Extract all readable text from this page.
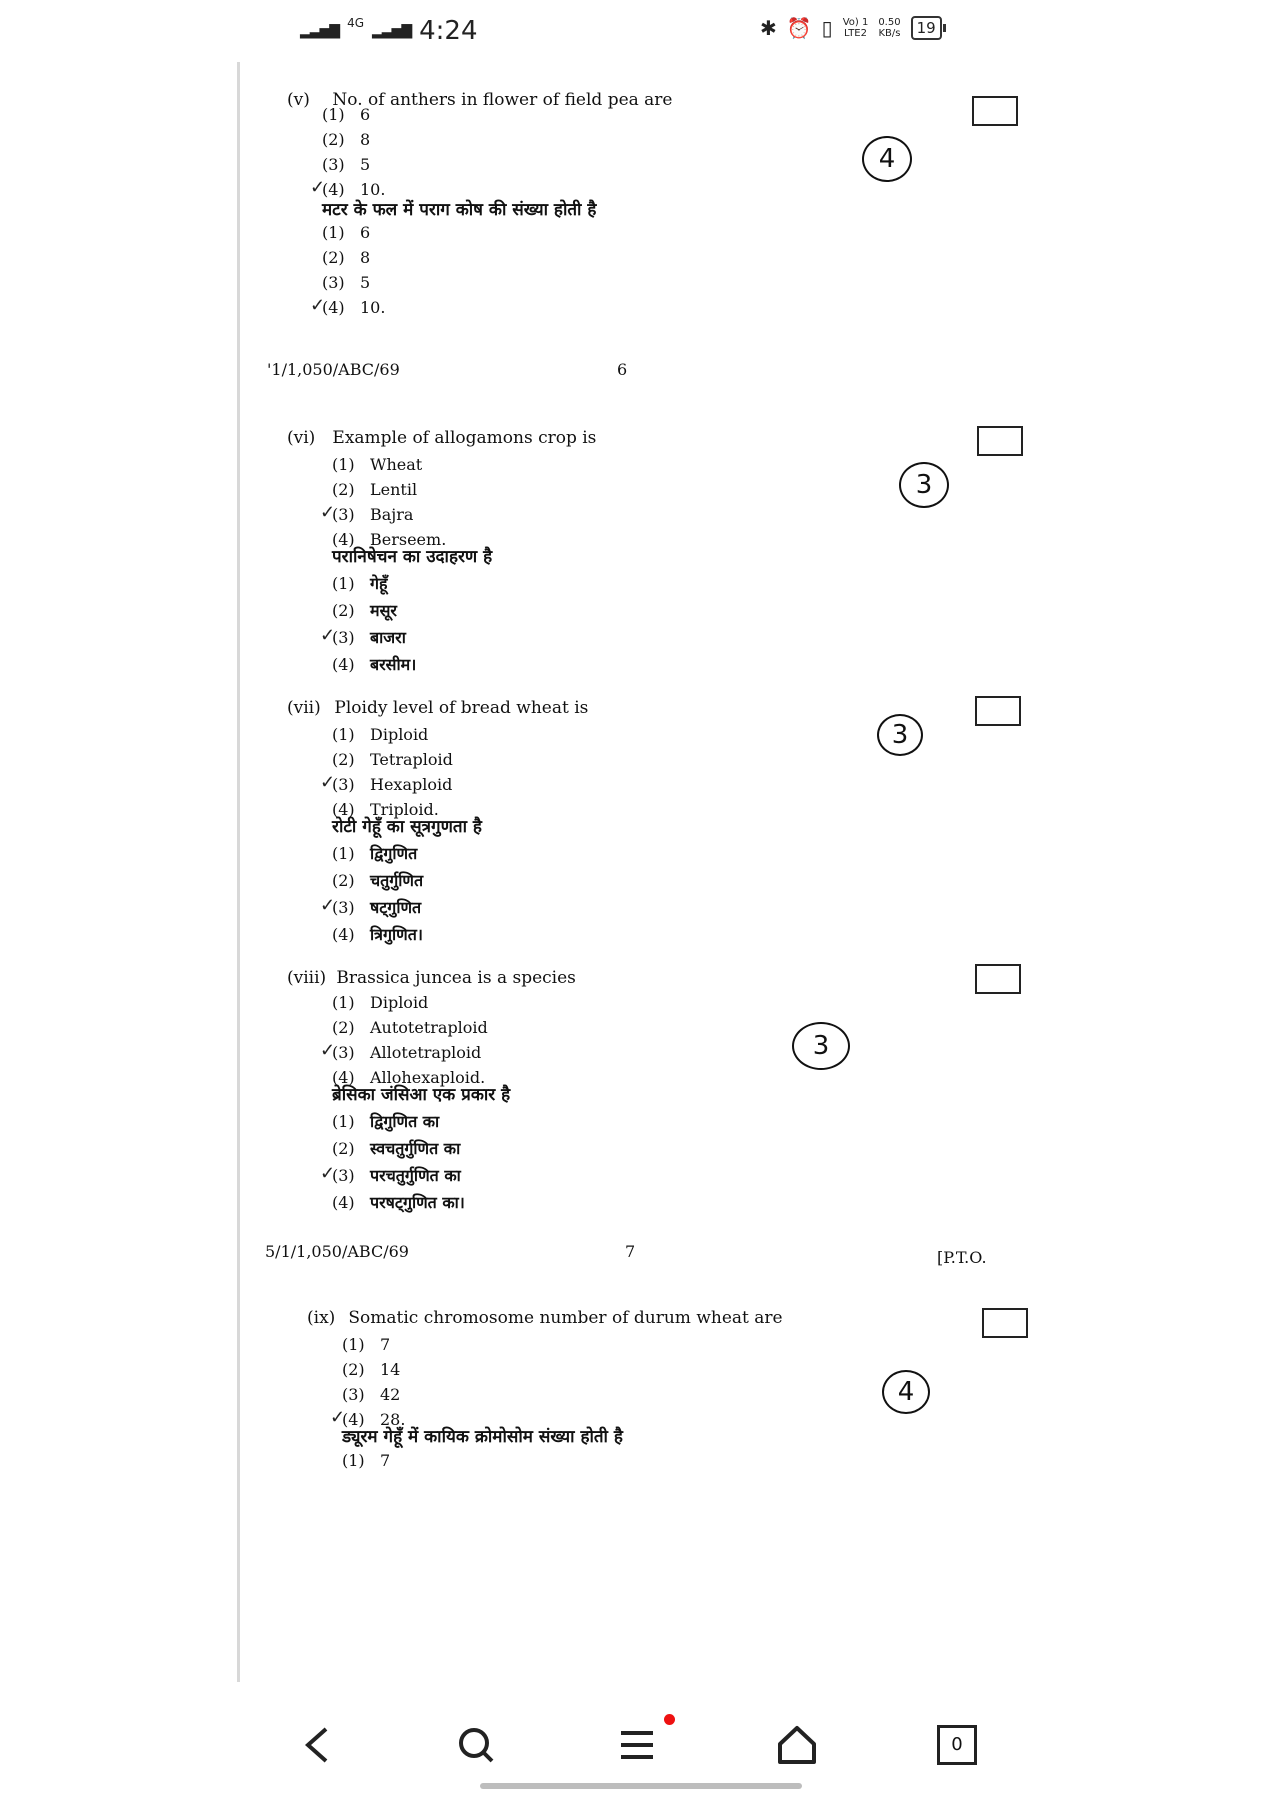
▂▃▅▇ 4G ▂▃▅▇ 4:24	✱ ⏰ ▯ Vo) 1
LTE2
0.50
KB/s	19
(v) No. of anthers in flower of field pea are
(1) 6
(2) 8
(3) 5
✓ (4) 10.
4
मटर के फल में पराग कोष की संख्या होती है
(1) 6
(2) 8
(3) 5
✓ (4) 10.
'1/1,050/ABC/69	6
(vi) Example of allogamons crop is
(1) Wheat
(2) Lentil
✓ (3) Bajra
(4) Berseem.
3
परानिषेचन का उदाहरण है
(1) गेहूँ
(2) मसूर
✓ (3) बाजरा
(4) बरसीम।
(vii) Ploidy level of bread wheat is
(1) Diploid
(2) Tetraploid
✓ (3) Hexaploid
(4) Triploid.
3
रोटी गेहूँ का सूत्रगुणता है
(1) द्विगुणित
(2) चतुर्गुणित
✓ (3) षट्गुणित
(4) त्रिगुणित।
(viii) Brassica juncea is a species
(1) Diploid
(2) Autotetraploid
✓ (3) Allotetraploid
(4) Allohexaploid.
3
ब्रेसिका जंसिआ एक प्रकार है
(1) द्विगुणित का
(2) स्वचतुर्गुणित का
✓ (3) परचतुर्गुणित का
(4) परषट्गुणित का।
5/1/1,050/ABC/69	7	[P.T.O.
(ix) Somatic chromosome number of durum wheat are
(1) 7
(2) 14
(3) 42
✓ (4) 28.
4
ड्यूरम गेहूँ में कायिक क्रोमोसोम संख्या होती है
(1) 7
0
